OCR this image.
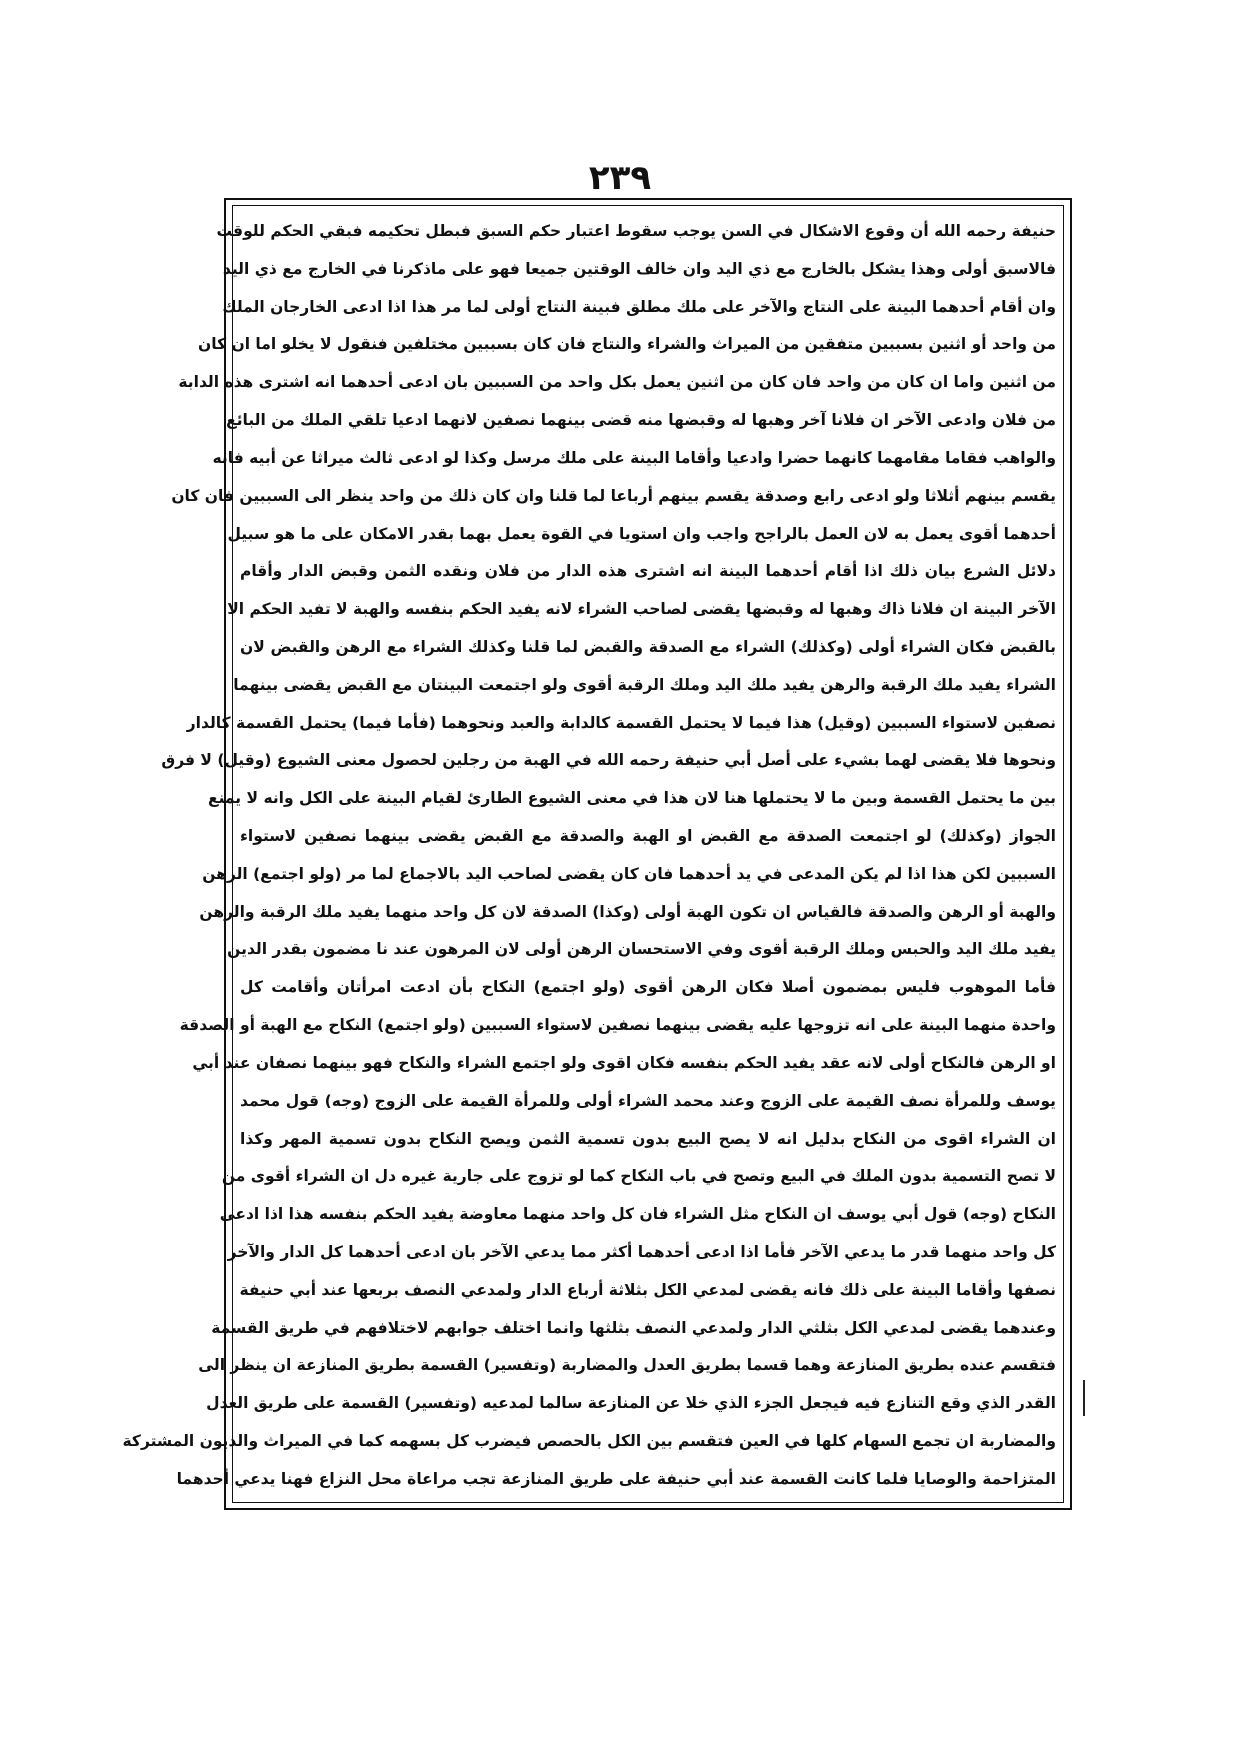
۲۳۹
حنيفة رحمه الله أن وقوع الاشكال في السن يوجب سقوط اعتبار حكم السبق فبطل تحكيمه فبقي الحكم للوقت
فالاسبق أولى وهذا يشكل بالخارج مع ذي اليد وان خالف الوقتين جميعا فهو على ماذكرنا في الخارج مع ذي اليد
وان أقام أحدهما البينة على النتاج والآخر على ملك مطلق فبينة النتاج أولى لما مر هذا اذا ادعى الخارجان الملك
من واحد أو اثنين بسببين متفقين من الميراث والشراء والنتاج فان كان بسببين مختلفين فنقول لا يخلو اما ان كان
من اثنين واما ان كان من واحد فان كان من اثنين يعمل بكل واحد من السببين بان ادعى أحدهما انه اشترى هذه الدابة
من فلان وادعى الآخر ان فلانا آخر وهبها له وقبضها منه قضى بينهما نصفين لانهما ادعيا تلقي الملك من البائع
والواهب فقاما مقامهما كانهما حضرا وادعيا وأقاما البينة على ملك مرسل وكذا لو ادعى ثالث ميراثا عن أبيه فانه
يقسم بينهم أثلاثا ولو ادعى رابع وصدقة يقسم بينهم أرباعا لما قلنا وان كان ذلك من واحد ينظر الى السببين فان كان
أحدهما أقوى يعمل به لان العمل بالراجح واجب وان استويا في القوة يعمل بهما بقدر الامكان على ما هو سبيل
دلائل الشرع بيان ذلك اذا أقام أحدهما البينة انه اشترى هذه الدار من فلان ونقده الثمن وقبض الدار وأقام
الآخر البينة ان فلانا ذاك وهبها له وقبضها يقضى لصاحب الشراء لانه يفيد الحكم بنفسه والهبة لا تفيد الحكم الا
بالقبض فكان الشراء أولى (وكذلك) الشراء مع الصدقة والقبض لما قلنا وكذلك الشراء مع الرهن والقبض لان
الشراء يفيد ملك الرقبة والرهن يفيد ملك اليد وملك الرقبة أقوى ولو اجتمعت البينتان مع القبض يقضى بينهما
نصفين لاستواء السببين (وقيل) هذا فيما لا يحتمل القسمة كالدابة والعبد ونحوهما (فأما فيما) يحتمل القسمة كالدار
ونحوها فلا يقضى لهما بشيء على أصل أبي حنيفة رحمه الله في الهبة من رجلين لحصول معنى الشيوع (وقيل) لا فرق
بين ما يحتمل القسمة وبين ما لا يحتملها هنا لان هذا في معنى الشيوع الطارئ لقيام البينة على الكل وانه لا يمنع
الجواز (وكذلك) لو اجتمعت الصدقة مع القبض او الهبة والصدقة مع القبض يقضى بينهما نصفين لاستواء
السببين لكن هذا اذا لم يكن المدعى في يد أحدهما فان كان يقضى لصاحب اليد بالاجماع لما مر (ولو اجتمع) الرهن
والهبة أو الرهن والصدقة فالقياس ان تكون الهبة أولى (وكذا) الصدقة لان كل واحد منهما يفيد ملك الرقبة والرهن
يفيد ملك اليد والحبس وملك الرقبة أقوى وفي الاستحسان الرهن أولى لان المرهون عند نا مضمون بقدر الدين
فأما الموهوب فليس بمضمون أصلا فكان الرهن أقوى (ولو اجتمع) النكاح بأن ادعت امرأتان وأقامت كل
واحدة منهما البينة على انه تزوجها عليه يقضى بينهما نصفين لاستواء السببين (ولو اجتمع) النكاح مع الهبة أو الصدقة
او الرهن فالنكاح أولى لانه عقد يفيد الحكم بنفسه فكان اقوى ولو اجتمع الشراء والنكاح فهو بينهما نصفان عند أبي
يوسف وللمرأة نصف القيمة على الزوج وعند محمد الشراء أولى وللمرأة القيمة على الزوج (وجه) قول محمد
ان الشراء اقوى من النكاح بدليل انه لا يصح البيع بدون تسمية الثمن ويصح النكاح بدون تسمية المهر وكذا
لا تصح التسمية بدون الملك في البيع وتصح في باب النكاح كما لو تزوج على جارية غيره دل ان الشراء أقوى من
النكاح (وجه) قول أبي يوسف ان النكاح مثل الشراء فان كل واحد منهما معاوضة يفيد الحكم بنفسه هذا اذا ادعى
كل واحد منهما قدر ما يدعي الآخر فأما اذا ادعى أحدهما أكثر مما يدعي الآخر بان ادعى أحدهما كل الدار والآخر
نصفها وأقاما البينة على ذلك فانه يقضى لمدعي الكل بثلاثة أرباع الدار ولمدعي النصف بربعها عند أبي حنيفة
وعندهما يقضى لمدعي الكل بثلثي الدار ولمدعي النصف بثلثها وانما اختلف جوابهم لاختلافهم في طريق القسمة
فتقسم عنده بطريق المنازعة وهما قسما بطريق العدل والمضاربة (وتفسير) القسمة بطريق المنازعة ان ينظر الى
القدر الذي وقع التنازع فيه فيجعل الجزء الذي خلا عن المنازعة سالما لمدعيه (وتفسير) القسمة على طريق العدل
والمضاربة ان تجمع السهام كلها في العين فتقسم بين الكل بالحصص فيضرب كل بسهمه كما في الميراث والديون المشتركة
المتزاحمة والوصايا فلما كانت القسمة عند أبي حنيفة على طريق المنازعة تجب مراعاة محل النزاع فهنا يدعي أحدهما
